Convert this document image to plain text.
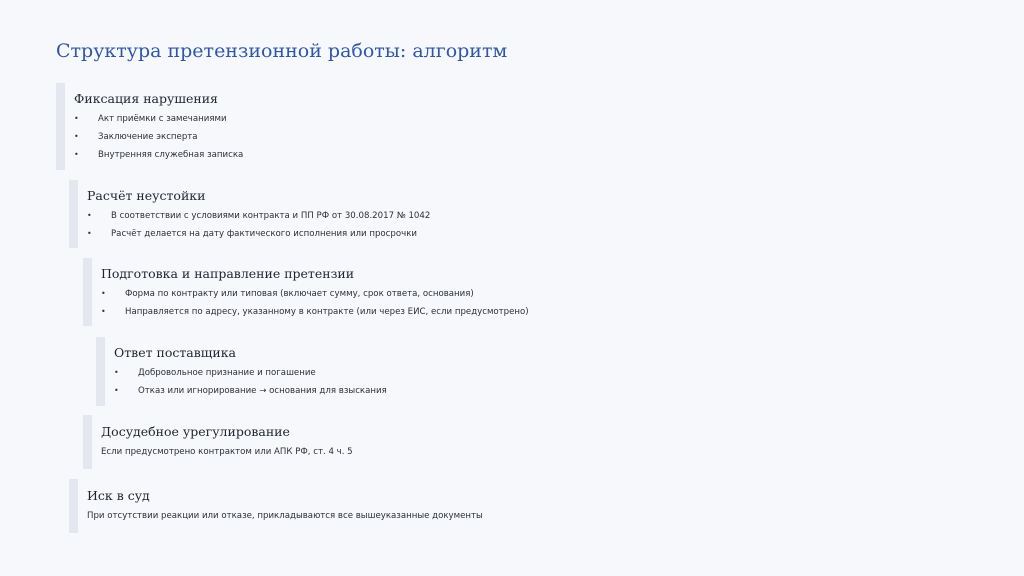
Структура претензионной работы: алгоритм
Фиксация нарушения
• Акт приёмки с замечаниями
• Заключение эксперта
• Внутренняя служебная записка
Расчёт неустойки
• В соответствии с условиями контракта и ПП РФ от 30.08.2017 № 1042
• Расчёт делается на дату фактического исполнения или просрочки
Подготовка и направление претензии
• Форма по контракту или типовая (включает сумму, срок ответа, основания)
• Направляется по адресу, указанному в контракте (или через ЕИС, если предусмотрено)
Ответ поставщика
• Добровольное признание и погашение
• Отказ или игнорирование → основания для взыскания
Досудебное урегулирование

Если предусмотрено контрактом или АПК РФ, ст. 4 ч. 5

Иск в суд

При отсутствии реакции или отказе, прикладываются все вышеуказанные документы
